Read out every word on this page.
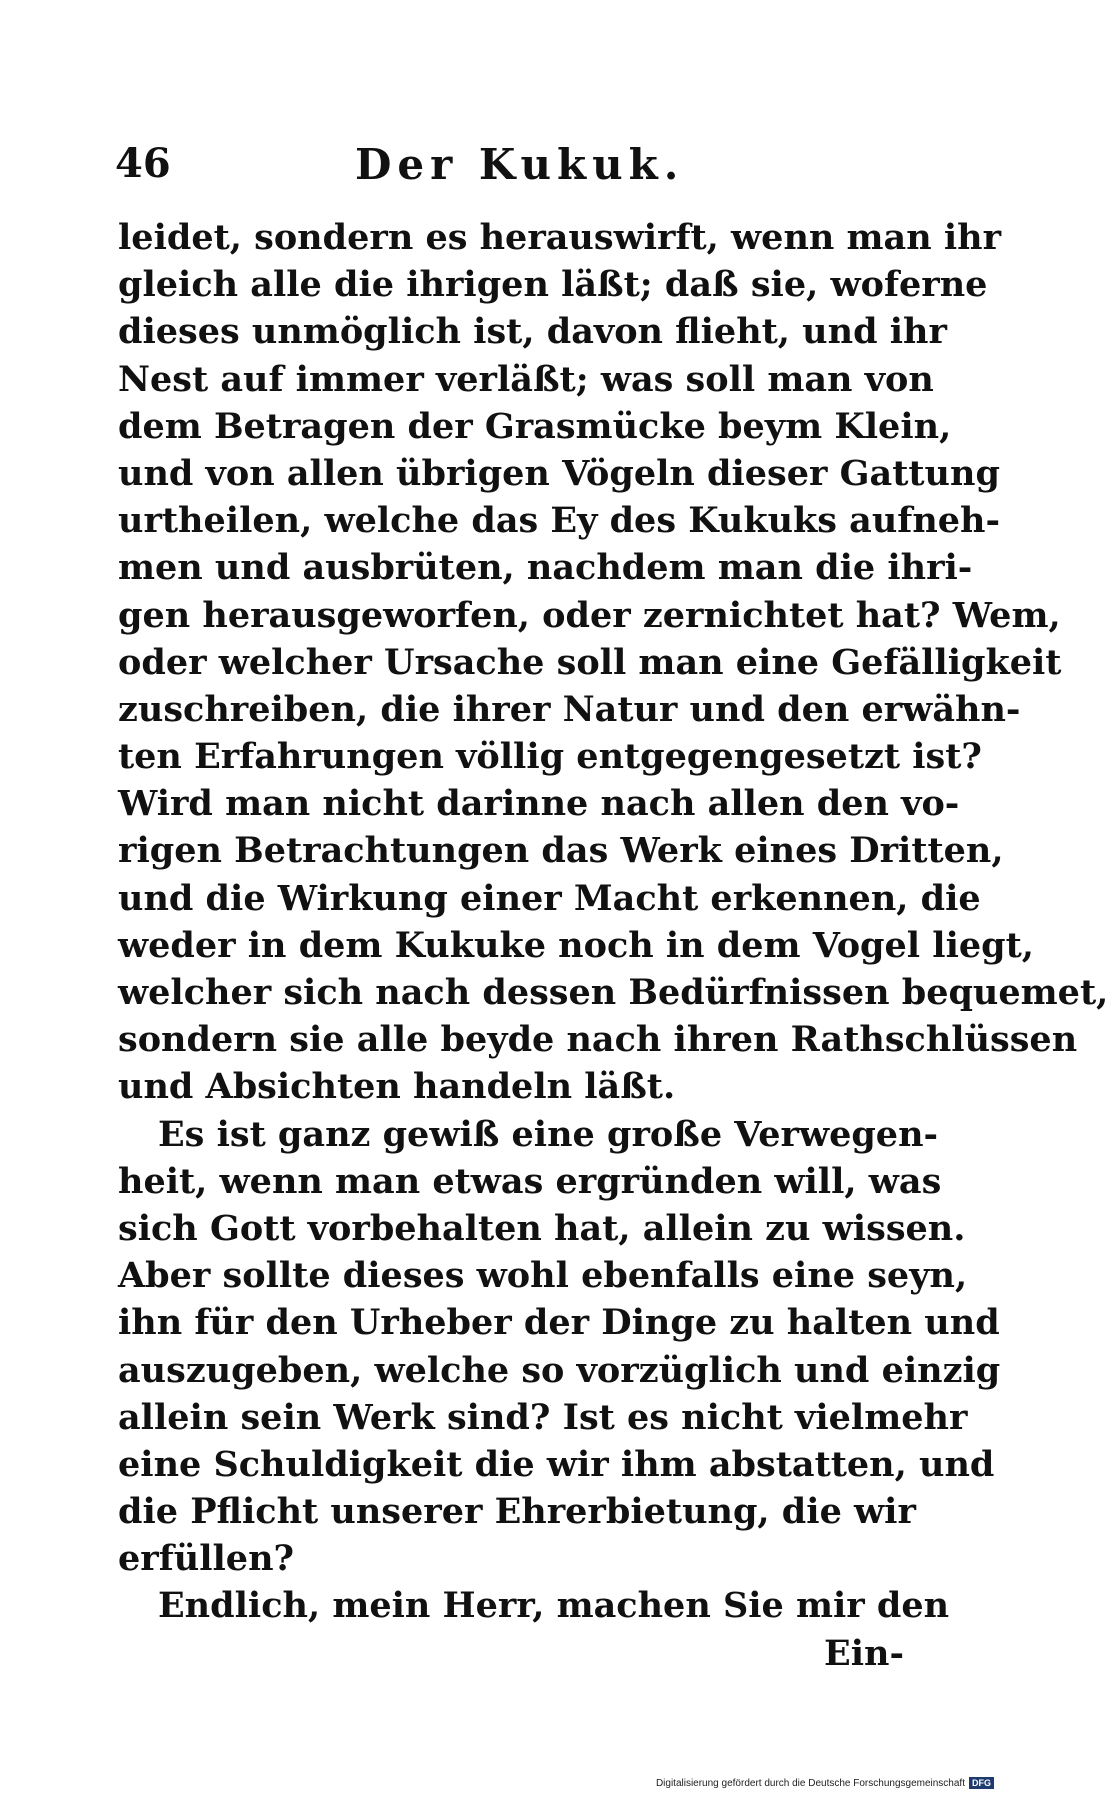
46	Der Kukuk.
leidet, sondern es herauswirft, wenn man ihr
gleich alle die ihrigen läßt; daß sie, woferne
dieses unmöglich ist, davon flieht, und ihr
Nest auf immer verläßt; was soll man von
dem Betragen der Grasmücke beym Klein,
und von allen übrigen Vögeln dieser Gattung
urtheilen, welche das Ey des Kukuks aufneh-
men und ausbrüten, nachdem man die ihri-
gen herausgeworfen, oder zernichtet hat? Wem,
oder welcher Ursache soll man eine Gefälligkeit
zuschreiben, die ihrer Natur und den erwähn-
ten Erfahrungen völlig entgegengesetzt ist?
Wird man nicht darinne nach allen den vo-
rigen Betrachtungen das Werk eines Dritten,
und die Wirkung einer Macht erkennen, die
weder in dem Kukuke noch in dem Vogel liegt,
welcher sich nach dessen Bedürfnissen bequemet,
sondern sie alle beyde nach ihren Rathschlüssen
und Absichten handeln läßt.
Es ist ganz gewiß eine große Verwegen-
heit, wenn man etwas ergründen will, was
sich Gott vorbehalten hat, allein zu wissen.
Aber sollte dieses wohl ebenfalls eine seyn,
ihn für den Urheber der Dinge zu halten und
auszugeben, welche so vorzüglich und einzig
allein sein Werk sind? Ist es nicht vielmehr
eine Schuldigkeit die wir ihm abstatten, und
die Pflicht unserer Ehrerbietung, die wir
erfüllen?
Endlich, mein Herr, machen Sie mir den
Ein-
Digitalisierung gefördert durch die Deutsche Forschungsgemeinschaft DFG
